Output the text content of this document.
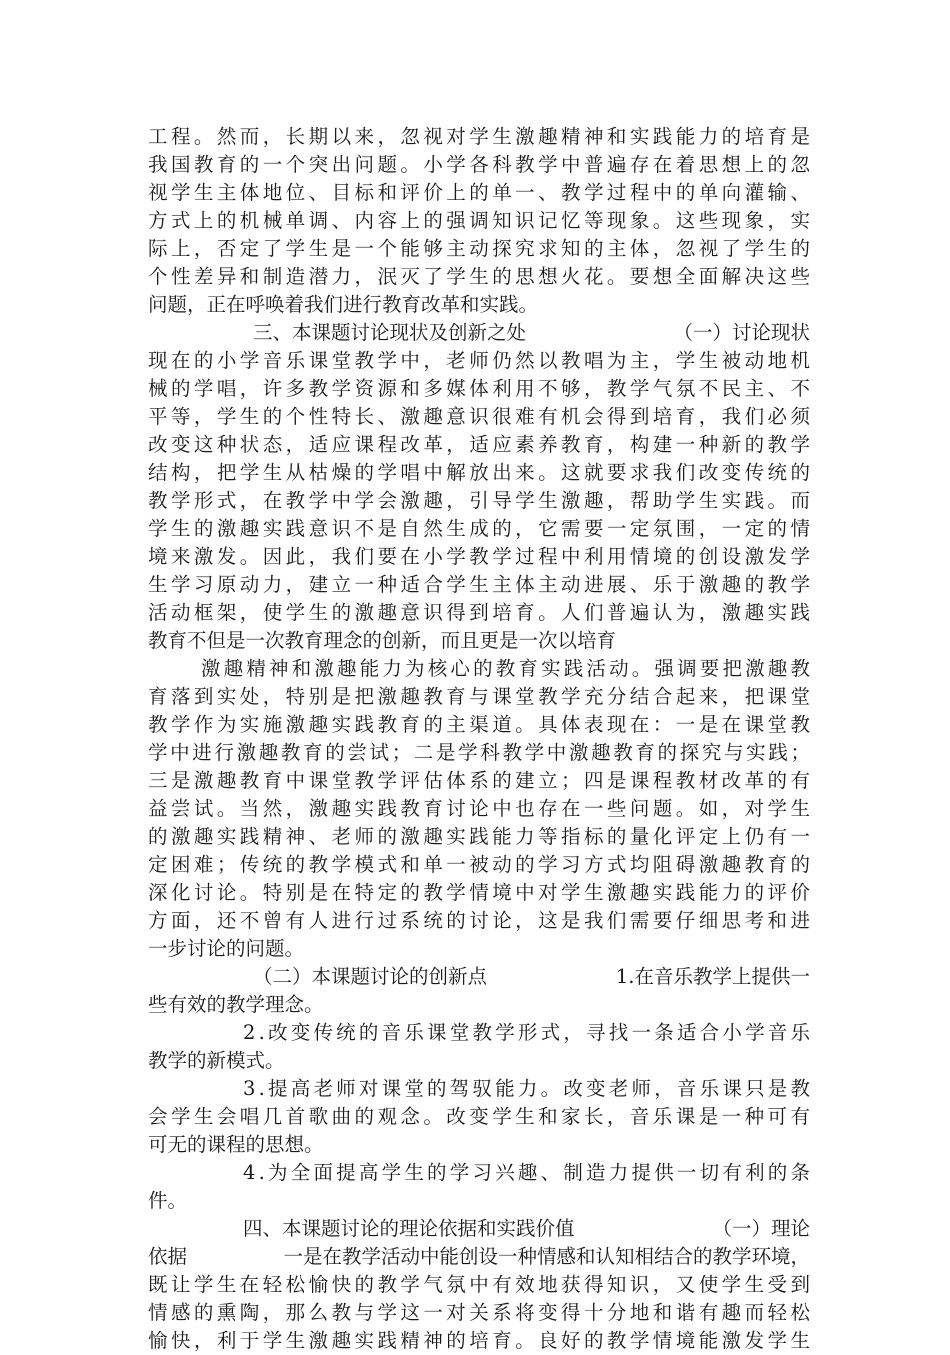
工程。然而，长期以来，忽视对学生激趣精神和实践能力的培育是
我国教育的一个突出问题。小学各科教学中普遍存在着思想上的忽
视学生主体地位、目标和评价上的单一、教学过程中的单向灌输、
方式上的机械单调、内容上的强调知识记忆等现象。这些现象，实
际上，否定了学生是一个能够主动探究求知的主体，忽视了学生的
个性差异和制造潜力，泯灭了学生的思想火花。要想全面解决这些
问题，正在呼唤着我们进行教育改革和实践。
三、本课题讨论现状及创新之处	（一）讨论现状
现在的小学音乐课堂教学中，老师仍然以教唱为主，学生被动地机
械的学唱，许多教学资源和多媒体利用不够，教学气氛不民主、不
平等，学生的个性特长、激趣意识很难有机会得到培育，我们必须
改变这种状态，适应课程改革，适应素养教育，构建一种新的教学
结构，把学生从枯燥的学唱中解放出来。这就要求我们改变传统的
教学形式，在教学中学会激趣，引导学生激趣，帮助学生实践。而
学生的激趣实践意识不是自然生成的，它需要一定氛围，一定的情
境来激发。因此，我们要在小学教学过程中利用情境的创设激发学
生学习原动力，建立一种适合学生主体主动进展、乐于激趣的教学
活动框架，使学生的激趣意识得到培育。人们普遍认为，激趣实践
教育不但是一次教育理念的创新，而且更是一次以培育
激趣精神和激趣能力为核心的教育实践活动。强调要把激趣教
育落到实处，特别是把激趣教育与课堂教学充分结合起来，把课堂
教学作为实施激趣实践教育的主渠道。具体表现在：一是在课堂教
学中进行激趣教育的尝试；二是学科教学中激趣教育的探究与实践；
三是激趣教育中课堂教学评估体系的建立；四是课程教材改革的有
益尝试。当然，激趣实践教育讨论中也存在一些问题。如，对学生
的激趣实践精神、老师的激趣实践能力等指标的量化评定上仍有一
定困难；传统的教学模式和单一被动的学习方式均阻碍激趣教育的
深化讨论。特别是在特定的教学情境中对学生激趣实践能力的评价
方面，还不曾有人进行过系统的讨论，这是我们需要仔细思考和进
一步讨论的问题。
（二）本课题讨论的创新点	1.在音乐教学上提供一
些有效的教学理念。
2.改变传统的音乐课堂教学形式，寻找一条适合小学音乐
教学的新模式。
3.提高老师对课堂的驾驭能力。改变老师，音乐课只是教
会学生会唱几首歌曲的观念。改变学生和家长，音乐课是一种可有
可无的课程的思想。
4.为全面提高学生的学习兴趣、制造力提供一切有利的条
件。
四、本课题讨论的理论依据和实践价值	（一）理论
依据	一是在教学活动中能创设一种情感和认知相结合的教学环境，
既让学生在轻松愉快的教学气氛中有效地获得知识，又使学生受到
情感的熏陶，那么教与学这一对关系将变得十分地和谐有趣而轻松
愉快，利于学生激趣实践精神的培育。良好的教学情境能激发学生
